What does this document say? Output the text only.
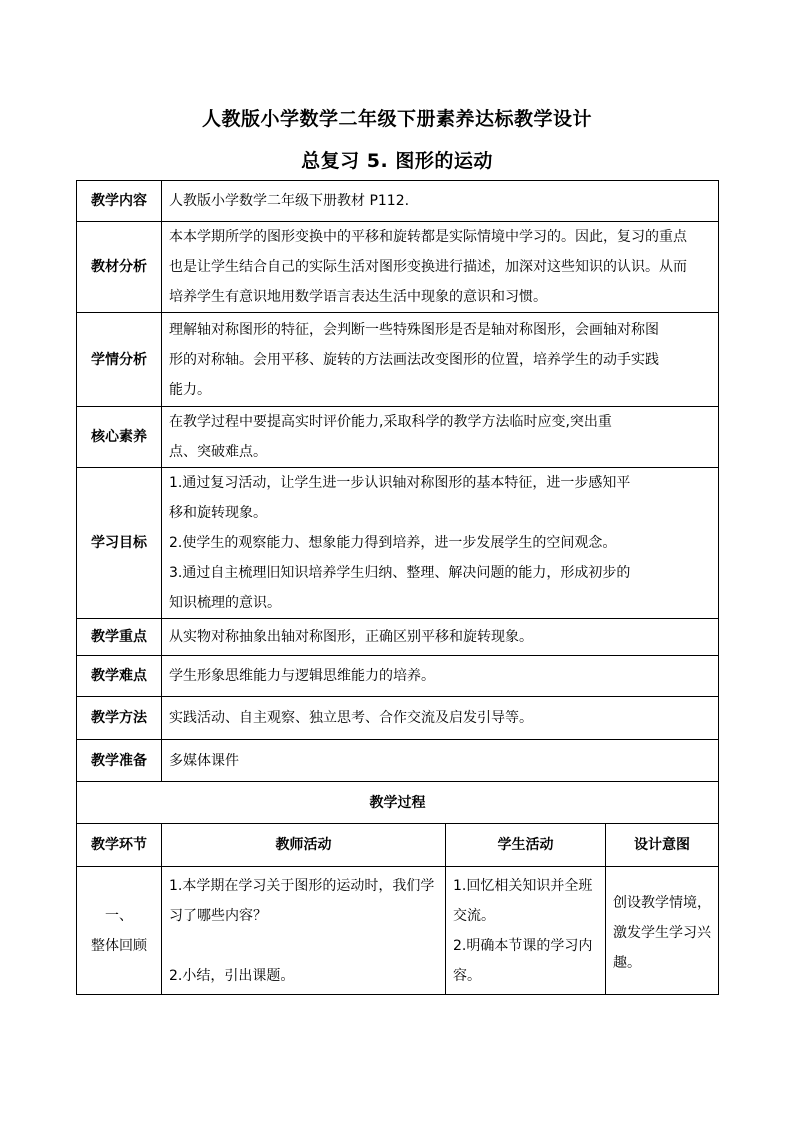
人教版小学数学二年级下册素养达标教学设计
总复习 5. 图形的运动
教学内容	人教版小学数学二年级下册教材 P112.		

教材分析	本本学期所学的图形变换中的平移和旋转都是实际情境中学习的。因此，复习的重点
也是让学生结合自己的实际生活对图形变换进行描述，加深对这些知识的认识。从而
培养学生有意识地用数学语言表达生活中现象的意识和习惯。		

学情分析	理解轴对称图形的特征，会判断一些特殊图形是否是轴对称图形，会画轴对称图
形的对称轴。会用平移、旋转的方法画法改变图形的位置，培养学生的动手实践
能力。		

核心素养	在教学过程中要提高实时评价能力,采取科学的教学方法临时应变,突出重
点、突破难点。		

学习目标	1.通过复习活动，让学生进一步认识轴对称图形的基本特征，进一步感知平
移和旋转现象。
2.使学生的观察能力、想象能力得到培养，进一步发展学生的空间观念。
3.通过自主梳理旧知识培养学生归纳、整理、解决问题的能力，形成初步的
知识梳理的意识。		

教学重点	从实物对称抽象出轴对称图形，正确区别平移和旋转现象。		

教学难点	学生形象思维能力与逻辑思维能力的培养。		

教学方法	实践活动、自主观察、独立思考、合作交流及启发引导等。		

教学准备	多媒体课件		

教学过程			
教学环节	教师活动	学生活动	设计意图

一、
整体回顾	1.本学期在学习关于图形的运动时，我们学
习了哪些内容？
2.小结，引出课题。	1.回忆相关知识并全班
交流。
2.明确本节课的学习内
容。	创设教学情境，
激发学生学习兴
趣。
